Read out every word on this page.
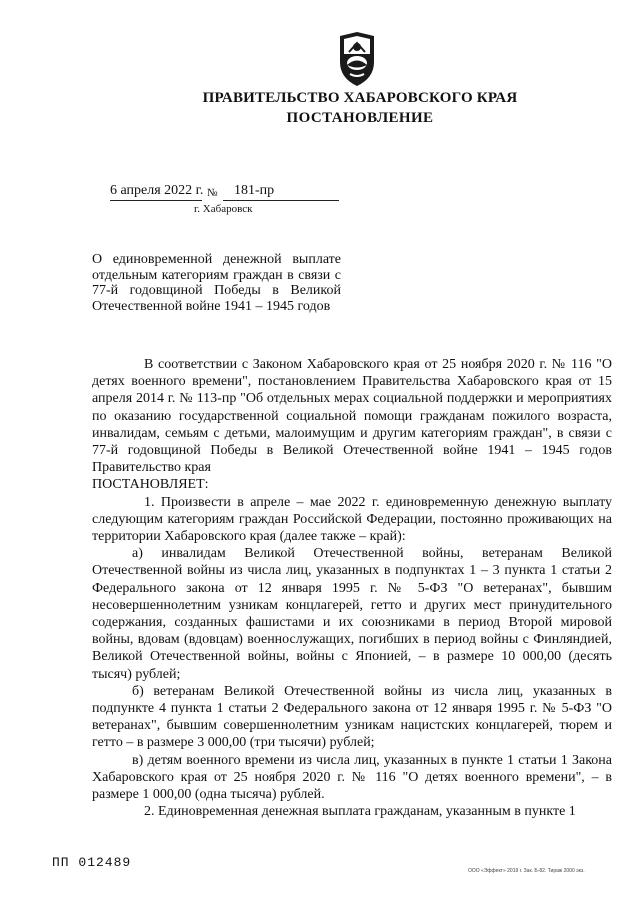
ПРАВИТЕЛЬСТВО ХАБАРОВСКОГО КРАЯ
ПОСТАНОВЛЕНИЕ
6 апреля 2022 г. № 181-пр
г. Хабаровск
О единовременной денежной выплате отдельным категориям граждан в связи с 77-й годовщиной Победы в Великой Отечественной войне 1941 – 1945 годов

В соответствии с Законом Хабаровского края от 25 ноября 2020 г. № 116 "О детях военного времени", постановлением Правительства Хабаровского края от 15 апреля 2014 г. № 113-пр "Об отдельных мерах социальной поддержки и мероприятиях по оказанию государственной социальной помощи гражданам пожилого возраста, инвалидам, семьям с детьми, малоимущим и другим категориям граждан", в связи с 77-й годовщиной Победы в Великой Отечественной войне 1941 – 1945 годов Правительство края

ПОСТАНОВЛЯЕТ:

1. Произвести в апреле – мае 2022 г. единовременную денежную выплату следующим категориям граждан Российской Федерации, постоянно проживающих на территории Хабаровского края (далее также – край):

а) инвалидам Великой Отечественной войны, ветеранам Великой Отечественной войны из числа лиц, указанных в подпунктах 1 – 3 пункта 1 статьи 2 Федерального закона от 12 января 1995 г. № 5-ФЗ "О ветеранах", бывшим несовершеннолетним узникам концлагерей, гетто и других мест принудительного содержания, созданных фашистами и их союзниками в период Второй мировой войны, вдовам (вдовцам) военнослужащих, погибших в период войны с Финляндией, Великой Отечественной войны, войны с Японией, – в размере 10 000,00 (десять тысяч) рублей;

б) ветеранам Великой Отечественной войны из числа лиц, указанных в подпункте 4 пункта 1 статьи 2 Федерального закона от 12 января 1995 г. № 5-ФЗ "О ветеранах", бывшим совершеннолетним узникам нацистских концлагерей, тюрем и гетто – в размере 3 000,00 (три тысячи) рублей;

в) детям военного времени из числа лиц, указанных в пункте 1 статьи 1 Закона Хабаровского края от 25 ноября 2020 г. № 116 "О детях военного времени", – в размере 1 000,00 (одна тысяча) рублей.

2. Единовременная денежная выплата гражданам, указанным в пункте 1

ПП 012489
ООО «Эффект» 2019 г. Зак. Б-82. Тираж 2000 экз.
